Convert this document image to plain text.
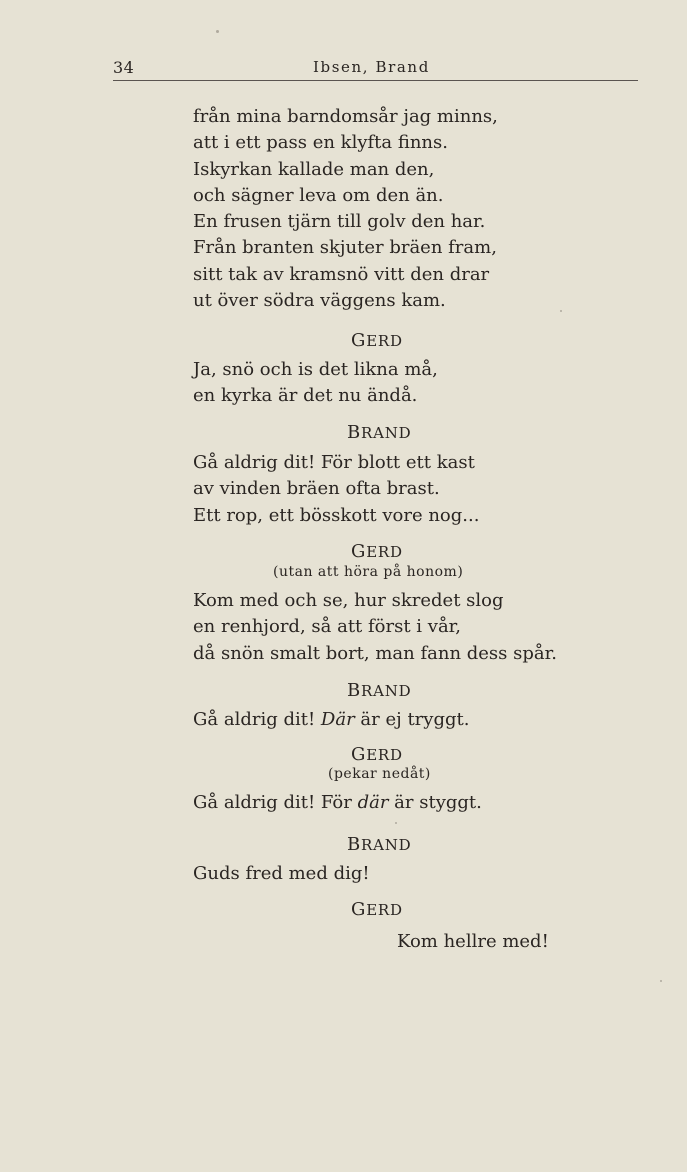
34	Ibsen, Brand
från mina barndomsår jag minns,
att i ett pass en klyfta finns.
Iskyrkan kallade man den,
och sägner leva om den än.
En frusen tjärn till golv den har.
Från branten skjuter bräen fram,
sitt tak av kramsnö vitt den drar
ut över södra väggens kam.
GERD
Ja, snö och is det likna må,
en kyrka är det nu ändå.
BRAND
Gå aldrig dit! För blott ett kast
av vinden bräen ofta brast.
Ett rop, ett bösskott vore nog...
GERD
(utan att höra på honom)
Kom med och se, hur skredet slog
en renhjord, så att först i vår,
då snön smalt bort, man fann dess spår.
BRAND
Gå aldrig dit! Där är ej tryggt.
GERD
(pekar nedåt)
Gå aldrig dit! För där är styggt.
BRAND
Guds fred med dig!
GERD
Kom hellre med!
